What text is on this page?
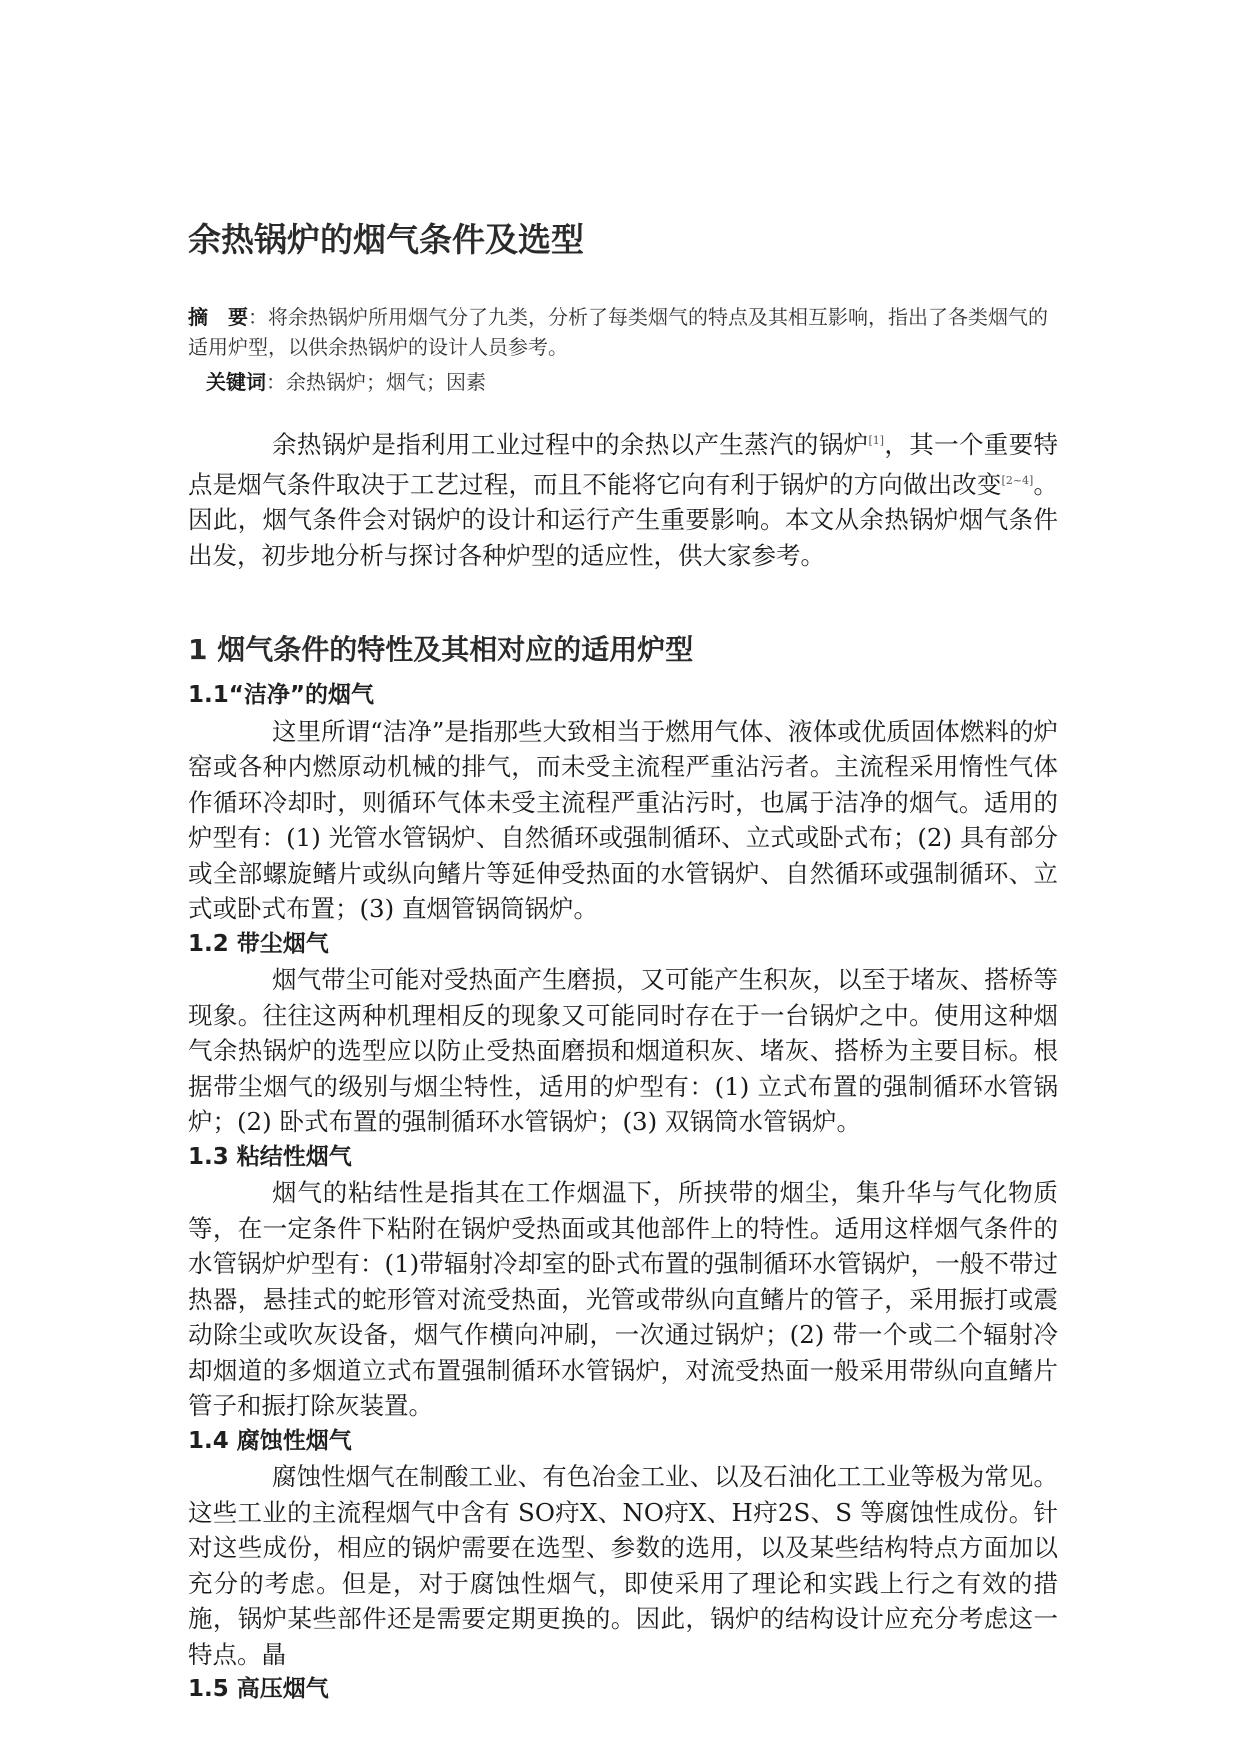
余热锅炉的烟气条件及选型
摘　要：将余热锅炉所用烟气分了九类，分析了每类烟气的特点及其相互影响，指出了各类烟气的适用炉型，以供余热锅炉的设计人员参考。
关键词：余热锅炉；烟气；因素
余热锅炉是指利用工业过程中的余热以产生蒸汽的锅炉[1]，其一个重要特点是烟气条件取决于工艺过程，而且不能将它向有利于锅炉的方向做出改变[2~4]。因此，烟气条件会对锅炉的设计和运行产生重要影响。本文从余热锅炉烟气条件出发，初步地分析与探讨各种炉型的适应性，供大家参考。
1 烟气条件的特性及其相对应的适用炉型
1.1“洁净”的烟气

这里所谓“洁净”是指那些大致相当于燃用气体、液体或优质固体燃料的炉窑或各种内燃原动机械的排气，而未受主流程严重沾污者。主流程采用惰性气体作循环冷却时，则循环气体未受主流程严重沾污时，也属于洁净的烟气。适用的炉型有：(1) 光管水管锅炉、自然循环或强制循环、立式或卧式布；(2) 具有部分或全部螺旋鳍片或纵向鳍片等延伸受热面的水管锅炉、自然循环或强制循环、立式或卧式布置；(3) 直烟管锅筒锅炉。

1.2 带尘烟气

烟气带尘可能对受热面产生磨损，又可能产生积灰，以至于堵灰、搭桥等现象。往往这两种机理相反的现象又可能同时存在于一台锅炉之中。使用这种烟气余热锅炉的选型应以防止受热面磨损和烟道积灰、堵灰、搭桥为主要目标。根据带尘烟气的级别与烟尘特性，适用的炉型有：(1) 立式布置的强制循环水管锅炉；(2) 卧式布置的强制循环水管锅炉；(3) 双锅筒水管锅炉。

1.3 粘结性烟气

烟气的粘结性是指其在工作烟温下，所挟带的烟尘，集升华与气化物质等，在一定条件下粘附在锅炉受热面或其他部件上的特性。适用这样烟气条件的水管锅炉炉型有：(1)带辐射冷却室的卧式布置的强制循环水管锅炉，一般不带过热器，悬挂式的蛇形管对流受热面，光管或带纵向直鳍片的管子，采用振打或震动除尘或吹灰设备，烟气作横向冲刷，一次通过锅炉；(2) 带一个或二个辐射冷却烟道的多烟道立式布置强制循环水管锅炉，对流受热面一般采用带纵向直鳍片管子和振打除灰装置。

1.4 腐蚀性烟气

腐蚀性烟气在制酸工业、有色冶金工业、以及石油化工工业等极为常见。这些工业的主流程烟气中含有 SO疛X、NO疛X、H疛2S、S 等腐蚀性成份。针对这些成份，相应的锅炉需要在选型、参数的选用，以及某些结构特点方面加以充分的考虑。但是，对于腐蚀性烟气，即使采用了理论和实践上行之有效的措施，锅炉某些部件还是需要定期更换的。因此，锅炉的结构设计应充分考虑这一特点。瞐

1.5 高压烟气
